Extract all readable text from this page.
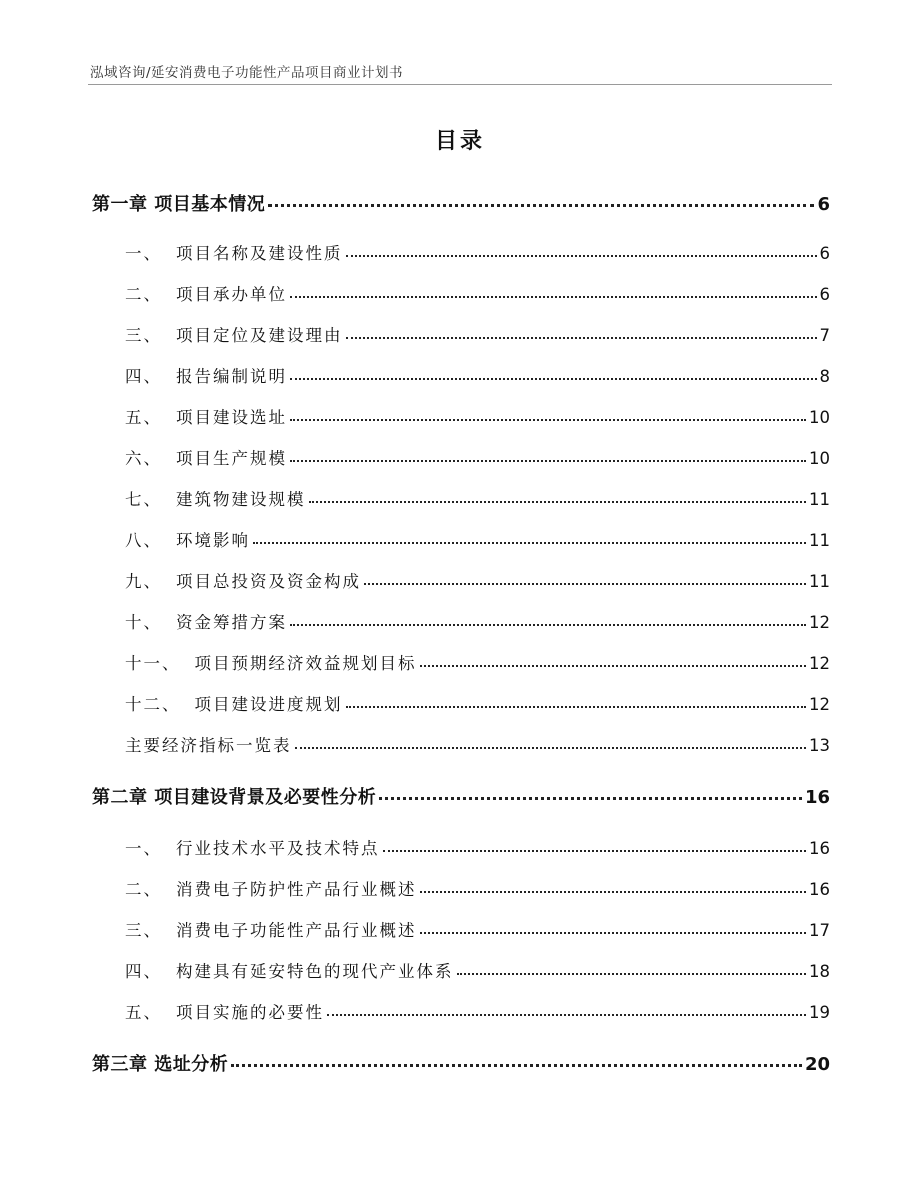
泓域咨询/延安消费电子功能性产品项目商业计划书
目录
第一章 项目基本情况	6
一、 项目名称及建设性质	6
二、 项目承办单位	6
三、 项目定位及建设理由	7
四、 报告编制说明	8
五、 项目建设选址	10
六、 项目生产规模	10
七、 建筑物建设规模	11
八、 环境影响	11
九、 项目总投资及资金构成	11
十、 资金筹措方案	12
十一、 项目预期经济效益规划目标	12
十二、 项目建设进度规划	12
主要经济指标一览表	13
第二章 项目建设背景及必要性分析	16
一、 行业技术水平及技术特点	16
二、 消费电子防护性产品行业概述	16
三、 消费电子功能性产品行业概述	17
四、 构建具有延安特色的现代产业体系	18
五、 项目实施的必要性	19
第三章 选址分析	20
